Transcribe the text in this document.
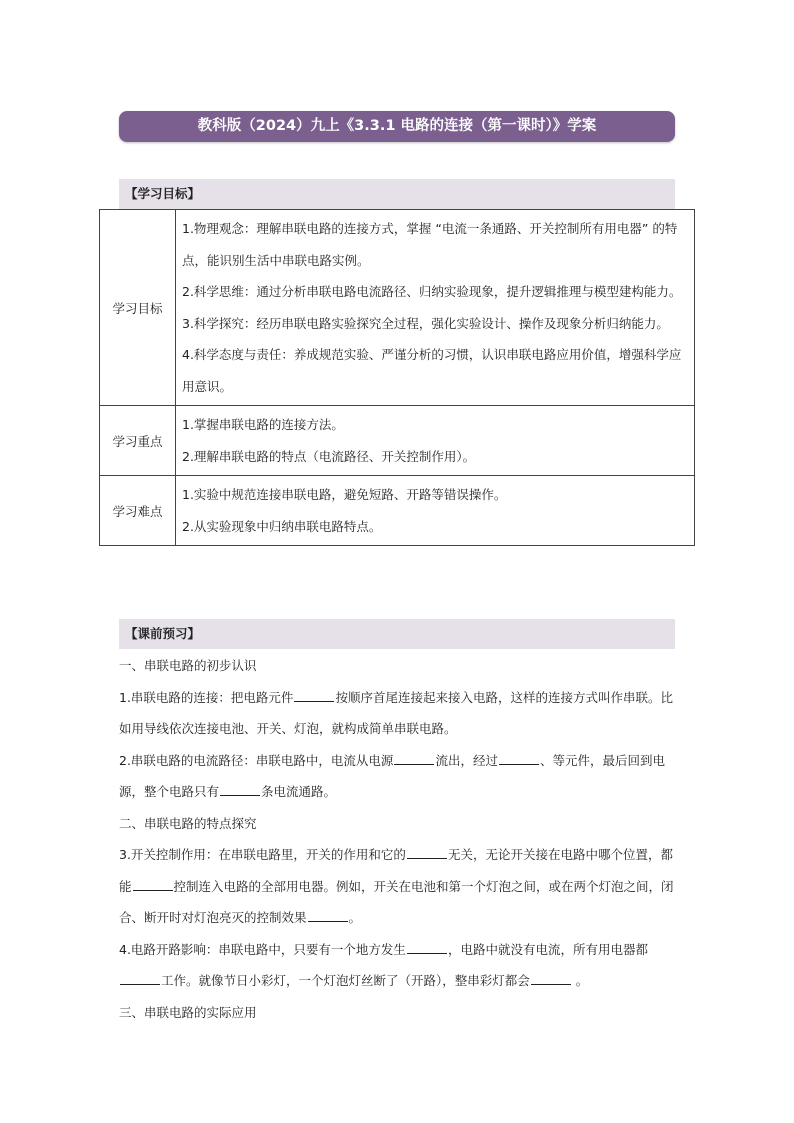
教科版（2024）九上《3.3.1 电路的连接（第一课时）》学案
【学习目标】
学习目标	1.物理观念：理解串联电路的连接方式，掌握 “电流一条通路、开关控制所有用电器” 的特点，能识别生活中串联电路实例。

2.科学思维：通过分析串联电路电流路径、归纳实验现象，提升逻辑推理与模型建构能力。

3.科学探究：经历串联电路实验探究全过程，强化实验设计、操作及现象分析归纳能力。

4.科学态度与责任：养成规范实验、严谨分析的习惯，认识串联电路应用价值，增强科学应用意识。

学习重点	1.掌握串联电路的连接方法。

2.理解串联电路的特点（电流路径、开关控制作用）。

学习难点	1.实验中规范连接串联电路，避免短路、开路等错误操作。

2.从实验现象中归纳串联电路特点。

【课前预习】

一、串联电路的初步认识

1.串联电路的连接：把电路元件	按顺序首尾连接起来接入电路，这样的连接方式叫作串联。比如用导线依次连接电池、开关、灯泡，就构成简单串联电路。

2.串联电路的电流路径：串联电路中，电流从电源	流出，经过	、等元件，最后回到电源，整个电路只有	条电流通路。

二、串联电路的特点探究

3.开关控制作用：在串联电路里，开关的作用和它的	无关，无论开关接在电路中哪个位置，都能	控制连入电路的全部用电器。例如，开关在电池和第一个灯泡之间，或在两个灯泡之间，闭合、断开时对灯泡亮灭的控制效果	。

4.电路开路影响：串联电路中，只要有一个地方发生	，电路中就没有电流，所有用电器都工作。就像节日小彩灯，一个灯泡灯丝断了（开路），整串彩灯都会	。

三、串联电路的实际应用
